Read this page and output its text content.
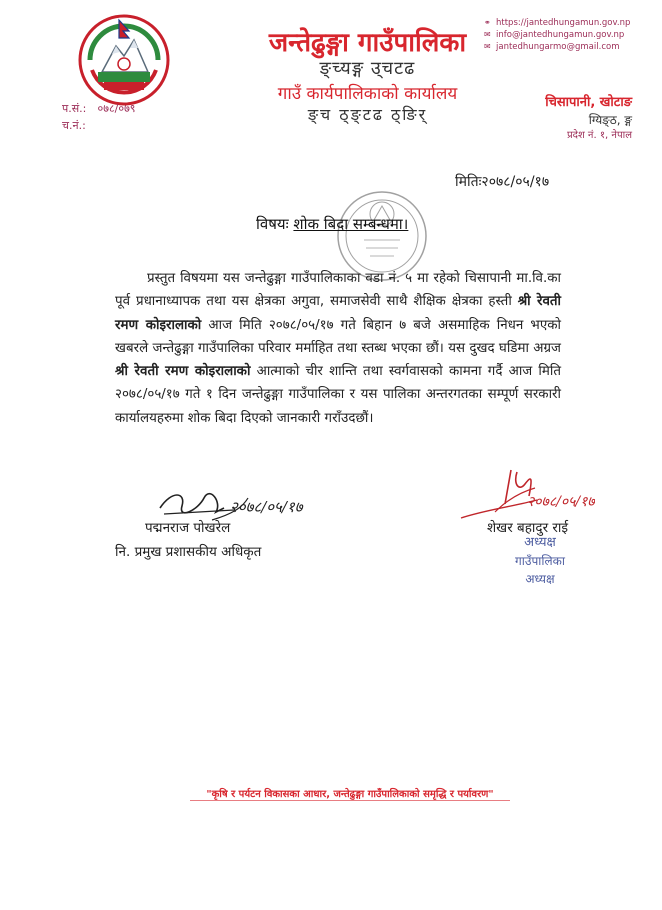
⚭ https://jantedhungamun.gov.np
✉ info@jantedhungamun.gov.np
✉ jantedhungarmo@gmail.com
जन्तेढुङ्गा गाउँपालिका
ङ्च्यङ्ग उ्चटढ
गाउँ कार्यपालिकाको कार्यालय
ङ्च ठ्ङ्टढ ठ्ङिर्
चिसापानी, खोटाङ
ग्यिङ्ठ, ङ्ग
प्रदेश नं. १, नेपाल
प.सं.: ०७८/०७९
च.नं.:
मितिः२०७८/०५/१७
विषयः शोक बिदा सम्बन्धमा।

प्रस्तुत विषयमा यस जन्तेढुङ्गा गाउँपालिकाका वडा नं. ५ मा रहेको चिसापानी मा.वि.का पूर्व प्रधानाध्यापक तथा यस क्षेत्रका अगुवा, समाजसेवी साथै शैक्षिक क्षेत्रका हस्ती श्री रेवती रमण कोइरालाको आज मिति २०७८/०५/१७ गते बिहान ७ बजे असमाहिक निधन भएको खबरले जन्तेढुङ्गा गाउँपालिका परिवार मर्माहित तथा स्तब्ध भएका छौं। यस दुखद घडिमा अग्रज श्री रेवती रमण कोइरालाको आत्माको चीर शान्ति तथा स्वर्गवासको कामना गर्दै आज मिति २०७८/०५/१७ गते १ दिन जन्तेढुङ्गा गाउँपालिका र यस पालिका अन्तरगतका सम्पूर्ण सरकारी कार्यालयहरुमा शोक बिदा दिएको जानकारी गराँउदछौं।

२०७८/०५/१७
पद्मनराज पोखरेल
नि. प्रमुख प्रशासकीय अधिकृत
२०७८/०५/१७
शेखर बहादुर राई
अध्यक्ष
गाउँपालिका
अध्यक्ष
"कृषि र पर्यटन विकासका आधार, जन्तेढुङ्गा गाउँपालिकाको समृद्धि र पर्यावरण"
